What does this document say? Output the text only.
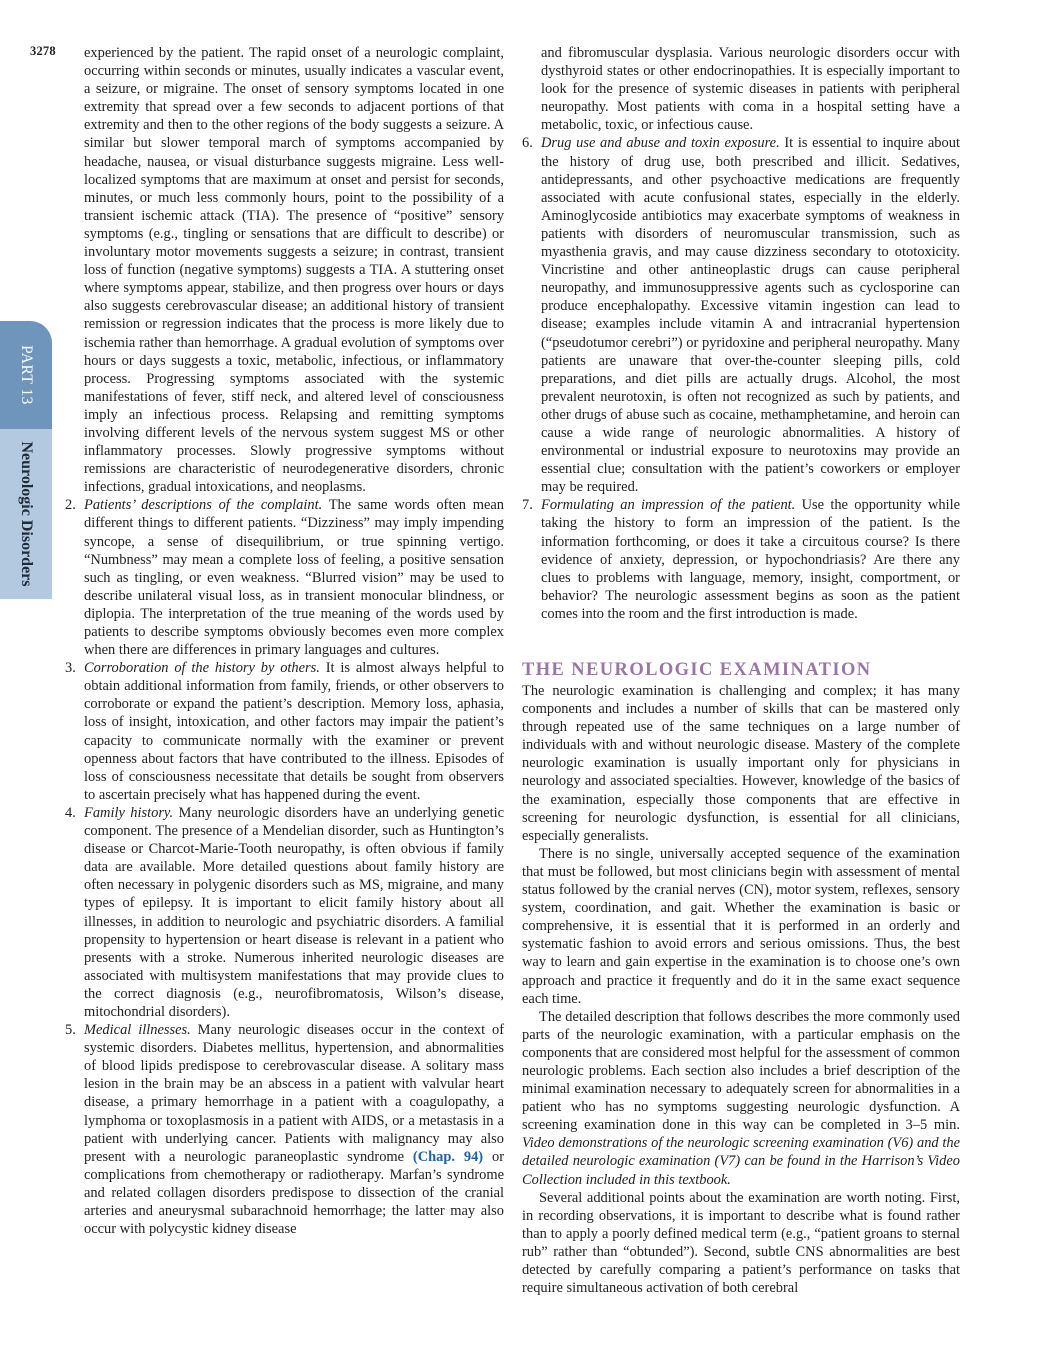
3278
PART 13
Neurologic Disorders

experienced by the patient. The rapid onset of a neurologic complaint, occurring within seconds or minutes, usually indicates a vascular event, a seizure, or migraine. The onset of sensory symptoms located in one extremity that spread over a few seconds to adjacent portions of that extremity and then to the other regions of the body suggests a seizure. A similar but slower temporal march of symptoms accompanied by headache, nausea, or visual disturbance suggests migraine. Less well-localized symptoms that are maximum at onset and persist for seconds, minutes, or much less commonly hours, point to the possibility of a transient ischemic attack (TIA). The presence of “positive” sensory symptoms (e.g., tingling or sensations that are difficult to describe) or involuntary motor movements suggests a seizure; in contrast, transient loss of function (negative symptoms) suggests a TIA. A stuttering onset where symptoms appear, stabilize, and then progress over hours or days also suggests cerebrovascular disease; an additional history of transient remission or regression indicates that the process is more likely due to ischemia rather than hemorrhage. A gradual evolution of symptoms over hours or days suggests a toxic, metabolic, infectious, or inflammatory process. Progressing symptoms associated with the systemic manifestations of fever, stiff neck, and altered level of consciousness imply an infectious process. Relapsing and remitting symptoms involving different levels of the nervous system suggest MS or other inflammatory processes. Slowly progressive symptoms without remissions are characteristic of neurodegenerative disorders, chronic infections, gradual intoxications, and neoplasms.

2. Patients’ descriptions of the complaint. The same words often mean different things to different patients. “Dizziness” may imply impending syncope, a sense of disequilibrium, or true spinning vertigo. “Numbness” may mean a complete loss of feeling, a positive sensation such as tingling, or even weakness. “Blurred vision” may be used to describe unilateral visual loss, as in transient monocular blindness, or diplopia. The interpretation of the true meaning of the words used by patients to describe symptoms obviously becomes even more complex when there are differences in primary languages and cultures.
3. Corroboration of the history by others. It is almost always helpful to obtain additional information from family, friends, or other observers to corroborate or expand the patient’s description. Memory loss, aphasia, loss of insight, intoxication, and other factors may impair the patient’s capacity to communicate normally with the examiner or prevent openness about factors that have contributed to the illness. Episodes of loss of consciousness necessitate that details be sought from observers to ascertain precisely what has happened during the event.
4. Family history. Many neurologic disorders have an underlying genetic component. The presence of a Mendelian disorder, such as Huntington’s disease or Charcot-Marie-Tooth neuropathy, is often obvious if family data are available. More detailed questions about family history are often necessary in polygenic disorders such as MS, migraine, and many types of epilepsy. It is important to elicit family history about all illnesses, in addition to neurologic and psychiatric disorders. A familial propensity to hypertension or heart disease is relevant in a patient who presents with a stroke. Numerous inherited neurologic diseases are associated with multisystem manifestations that may provide clues to the correct diagnosis (e.g., neurofibromatosis, Wilson’s disease, mitochondrial disorders).
5. Medical illnesses. Many neurologic diseases occur in the context of systemic disorders. Diabetes mellitus, hypertension, and abnormalities of blood lipids predispose to cerebrovascular disease. A solitary mass lesion in the brain may be an abscess in a patient with valvular heart disease, a primary hemorrhage in a patient with a coagulopathy, a lymphoma or toxoplasmosis in a patient with AIDS, or a metastasis in a patient with underlying cancer. Patients with malignancy may also present with a neurologic paraneoplastic syndrome (Chap. 94) or complications from chemotherapy or radiotherapy. Marfan’s syndrome and related collagen disorders predispose to dissection of the cranial arteries and aneurysmal subarachnoid hemorrhage; the latter may also occur with polycystic kidney disease

and fibromuscular dysplasia. Various neurologic disorders occur with dysthyroid states or other endocrinopathies. It is especially important to look for the presence of systemic diseases in patients with peripheral neuropathy. Most patients with coma in a hospital setting have a metabolic, toxic, or infectious cause.

6. Drug use and abuse and toxin exposure. It is essential to inquire about the history of drug use, both prescribed and illicit. Sedatives, antidepressants, and other psychoactive medications are frequently associated with acute confusional states, especially in the elderly. Aminoglycoside antibiotics may exacerbate symptoms of weakness in patients with disorders of neuromuscular transmission, such as myasthenia gravis, and may cause dizziness secondary to ototoxicity. Vincristine and other antineoplastic drugs can cause peripheral neuropathy, and immunosuppressive agents such as cyclosporine can produce encephalopathy. Excessive vitamin ingestion can lead to disease; examples include vitamin A and intracranial hypertension (“pseudotumor cerebri”) or pyridoxine and peripheral neuropathy. Many patients are unaware that over-the-counter sleeping pills, cold preparations, and diet pills are actually drugs. Alcohol, the most prevalent neurotoxin, is often not recognized as such by patients, and other drugs of abuse such as cocaine, methamphetamine, and heroin can cause a wide range of neurologic abnormalities. A history of environmental or industrial exposure to neurotoxins may provide an essential clue; consultation with the patient’s coworkers or employer may be required.
7. Formulating an impression of the patient. Use the opportunity while taking the history to form an impression of the patient. Is the information forthcoming, or does it take a circuitous course? Is there evidence of anxiety, depression, or hypochondriasis? Are there any clues to problems with language, memory, insight, comportment, or behavior? The neurologic assessment begins as soon as the patient comes into the room and the first introduction is made.
THE NEUROLOGIC EXAMINATION

The neurologic examination is challenging and complex; it has many components and includes a number of skills that can be mastered only through repeated use of the same techniques on a large number of individuals with and without neurologic disease. Mastery of the complete neurologic examination is usually important only for physicians in neurology and associated specialties. However, knowledge of the basics of the examination, especially those components that are effective in screening for neurologic dysfunction, is essential for all clinicians, especially generalists.

There is no single, universally accepted sequence of the examination that must be followed, but most clinicians begin with assessment of mental status followed by the cranial nerves (CN), motor system, reflexes, sensory system, coordination, and gait. Whether the examination is basic or comprehensive, it is essential that it is performed in an orderly and systematic fashion to avoid errors and serious omissions. Thus, the best way to learn and gain expertise in the examination is to choose one’s own approach and practice it frequently and do it in the same exact sequence each time.

The detailed description that follows describes the more commonly used parts of the neurologic examination, with a particular emphasis on the components that are considered most helpful for the assessment of common neurologic problems. Each section also includes a brief description of the minimal examination necessary to adequately screen for abnormalities in a patient who has no symptoms suggesting neurologic dysfunction. A screening examination done in this way can be completed in 3–5 min. Video demonstrations of the neurologic screening examination (V6) and the detailed neurologic examination (V7) can be found in the Harrison’s Video Collection included in this textbook.

Several additional points about the examination are worth noting. First, in recording observations, it is important to describe what is found rather than to apply a poorly defined medical term (e.g., “patient groans to sternal rub” rather than “obtunded”). Second, subtle CNS abnormalities are best detected by carefully comparing a patient’s performance on tasks that require simultaneous activation of both cerebral
